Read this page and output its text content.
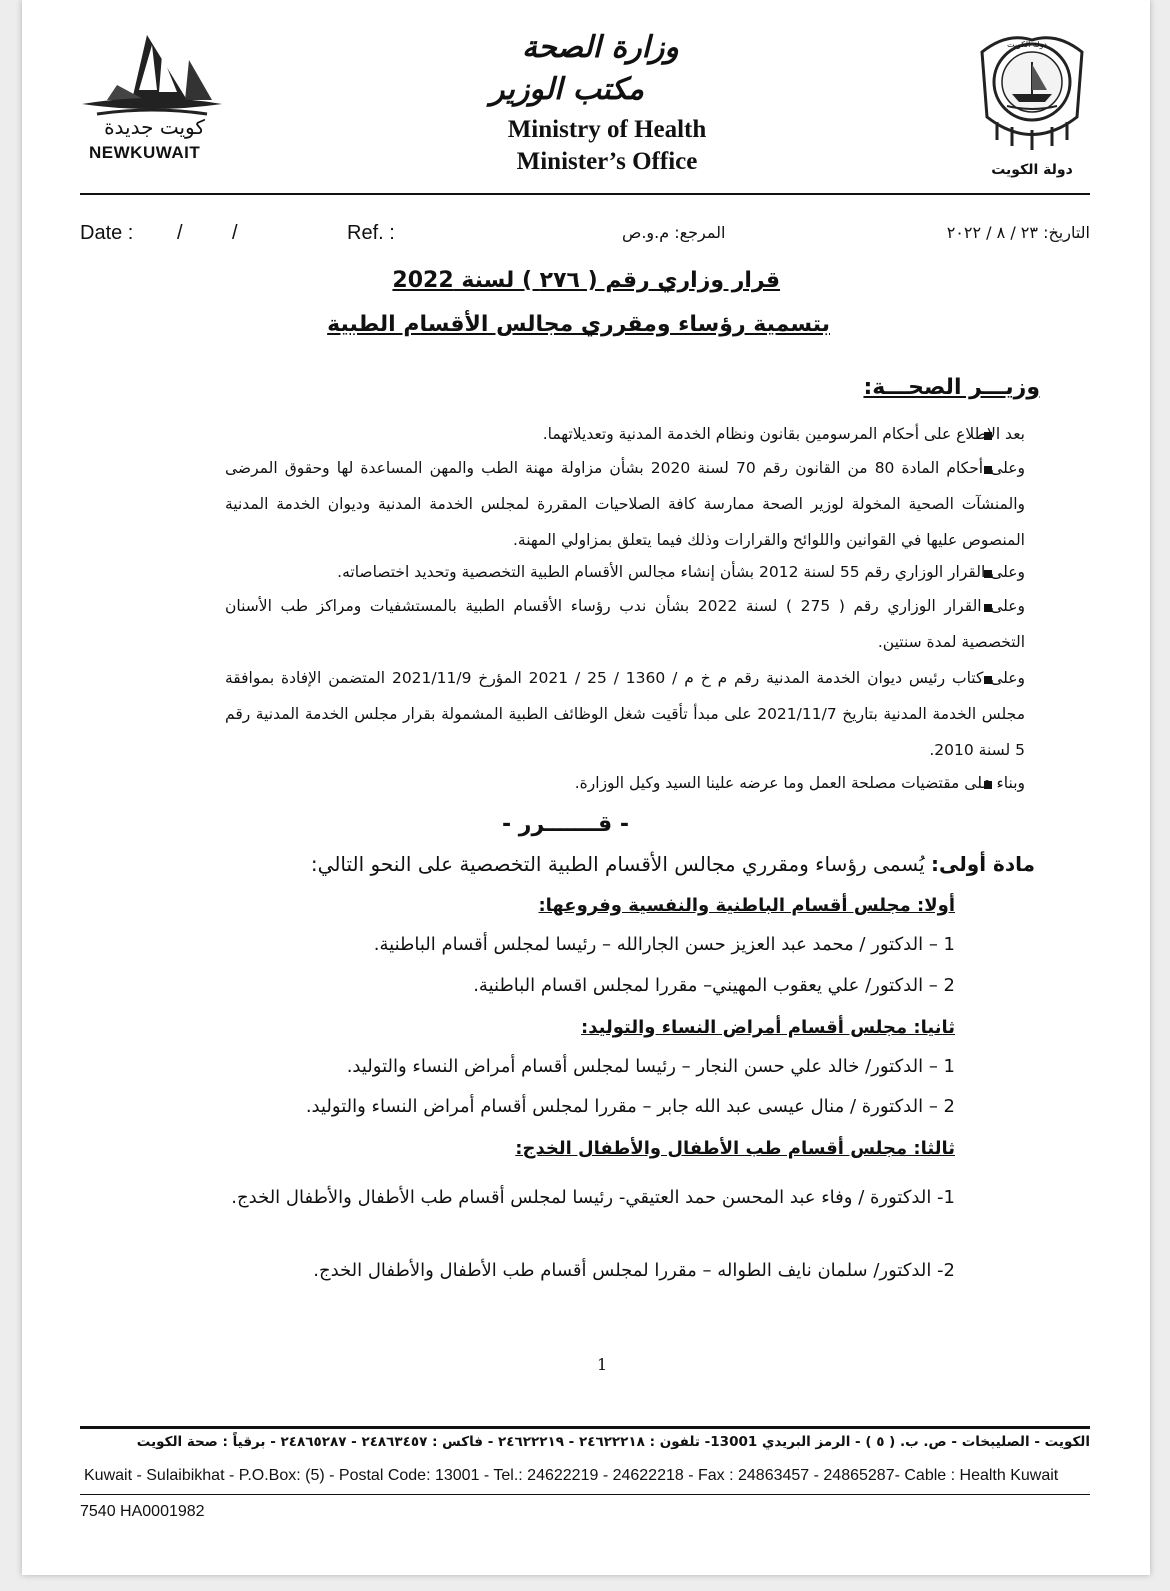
كويت جديدة
NEWKUWAIT
وزارة الصحة
مكتب الوزير
Ministry of Health
Minister’s Office
دولة الكويت
دولة الكويت
Date : / /	Ref. :	المرجع: م.و.ص	التاريخ: ٢٣ / ٨ / ٢٠٢٢
قرار وزاري رقم ( ٢٧٦ ) لسنة 2022
بتسمية رؤساء ومقرري مجالس الأقسام الطبية
وزيـــر الصحـــة:
بعد الاطلاع على أحكام المرسومين بقانون ونظام الخدمة المدنية وتعديلاتهما.
وعلى أحكام المادة 80 من القانون رقم 70 لسنة 2020 بشأن مزاولة مهنة الطب والمهن المساعدة لها وحقوق المرضى والمنشآت الصحية المخولة لوزير الصحة ممارسة كافة الصلاحيات المقررة لمجلس الخدمة المدنية وديوان الخدمة المدنية المنصوص عليها في القوانين واللوائح والقرارات وذلك فيما يتعلق بمزاولي المهنة.
وعلى القرار الوزاري رقم 55 لسنة 2012 بشأن إنشاء مجالس الأقسام الطبية التخصصية وتحديد اختصاصاته.
وعلى القرار الوزاري رقم ( 275 ) لسنة 2022 بشأن ندب رؤساء الأقسام الطبية بالمستشفيات ومراكز طب الأسنان التخصصية لمدة سنتين.
وعلى كتاب رئيس ديوان الخدمة المدنية رقم م خ م / 1360 / 25 / 2021 المؤرخ 2021/11/9 المتضمن الإفادة بموافقة مجلس الخدمة المدنية بتاريخ 2021/11/7 على مبدأ تأقيت شغل الوظائف الطبية المشمولة بقرار مجلس الخدمة المدنية رقم 5 لسنة 2010.
وبناء على مقتضيات مصلحة العمل وما عرضه علينا السيد وكيل الوزارة.
- قـــــــرر -
مادة أولى: يُسمى رؤساء ومقرري مجالس الأقسام الطبية التخصصية على النحو التالي:
أولا: مجلس أقسام الباطنية والنفسية وفروعها:
1 – الدكتور / محمد عبد العزيز حسن الجارالله – رئيسا لمجلس أقسام الباطنية.
2 – الدكتور/ علي يعقوب المهيني– مقررا لمجلس اقسام الباطنية.
ثانيا: مجلس أقسام أمراض النساء والتوليد:
1 – الدكتور/ خالد علي حسن النجار – رئيسا لمجلس أقسام أمراض النساء والتوليد.
2 – الدكتورة / منال عيسى عبد الله جابر – مقررا لمجلس أقسام أمراض النساء والتوليد.
ثالثا: مجلس أقسام طب الأطفال والأطفال الخدج:
1- الدكتورة / وفاء عبد المحسن حمد العتيقي- رئيسا لمجلس أقسام طب الأطفال والأطفال الخدج.
2- الدكتور/ سلمان نايف الطواله – مقررا لمجلس أقسام طب الأطفال والأطفال الخدج.
1
الكويت - الصليبخات - ص. ب. ( ٥ ) - الرمز البريدي 13001- تلفون : ٢٤٦٢٢٢١٨ - ٢٤٦٢٢٢١٩ - فاكس : ٢٤٨٦٣٤٥٧ - ٢٤٨٦٥٢٨٧ - برقياً : صحة الكويت
Kuwait - Sulaibikhat - P.O.Box: (5) - Postal Code: 13001 - Tel.: 24622219 - 24622218 - Fax : 24863457 - 24865287- Cable : Health Kuwait
7540 HA0001982
